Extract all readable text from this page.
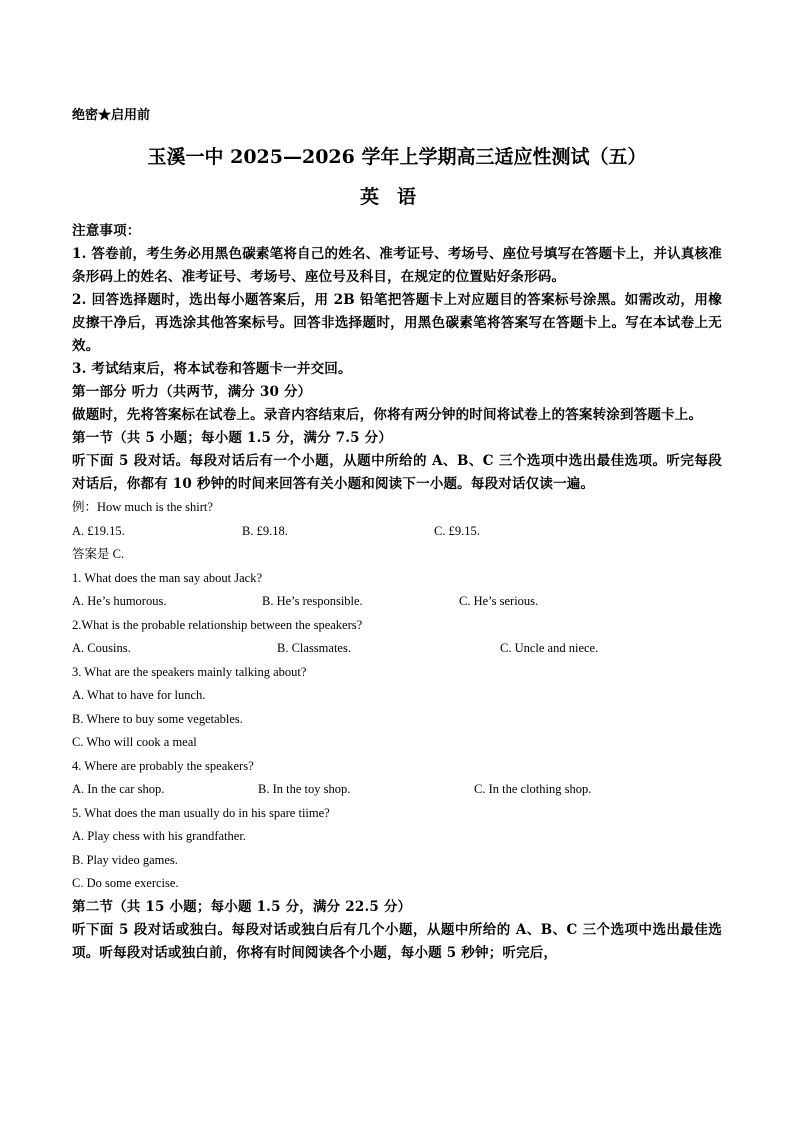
绝密★启用前

玉溪一中 2025—2026 学年上学期高三适应性测试（五）

英语

注意事项：

1. 答卷前，考生务必用黑色碳素笔将自己的姓名、准考证号、考场号、座位号填写在答题卡上，并认真核准条形码上的姓名、准考证号、考场号、座位号及科目，在规定的位置贴好条形码。

2. 回答选择题时，选出每小题答案后，用 2B 铅笔把答题卡上对应题目的答案标号涂黑。如需改动，用橡皮擦干净后，再选涂其他答案标号。回答非选择题时，用黑色碳素笔将答案写在答题卡上。写在本试卷上无效。

3. 考试结束后，将本试卷和答题卡一并交回。

第一部分 听力（共两节，满分 30 分）

做题时，先将答案标在试卷上。录音内容结束后，你将有两分钟的时间将试卷上的答案转涂到答题卡上。

第一节（共 5 小题；每小题 1.5 分，满分 7.5 分）

听下面 5 段对话。每段对话后有一个小题，从题中所给的 A、B、C 三个选项中选出最佳选项。听完每段对话后，你都有 10 秒钟的时间来回答有关小题和阅读下一小题。每段对话仅读一遍。

例：How much is the shirt?

A. £19.15.	B. £9.18.	C. £9.15.

答案是 C.

1. What does the man say about Jack?

A. He’s humorous.	B. He’s responsible.	C. He’s serious.

2.What is the probable relationship between the speakers?

A. Cousins.	B. Classmates.	C. Uncle and niece.

3. What are the speakers mainly talking about?

A. What to have for lunch.

B. Where to buy some vegetables.

C. Who will cook a meal

4. Where are probably the speakers?

A. In the car shop.	B. In the toy shop.	C. In the clothing shop.

5. What does the man usually do in his spare tiime?

A. Play chess with his grandfather.

B. Play video games.

C. Do some exercise.

第二节（共 15 小题；每小题 1.5 分，满分 22.5 分）

听下面 5 段对话或独白。每段对话或独白后有几个小题，从题中所给的 A、B、C 三个选项中选出最佳选项。听每段对话或独白前，你将有时间阅读各个小题，每小题 5 秒钟；听完后，
